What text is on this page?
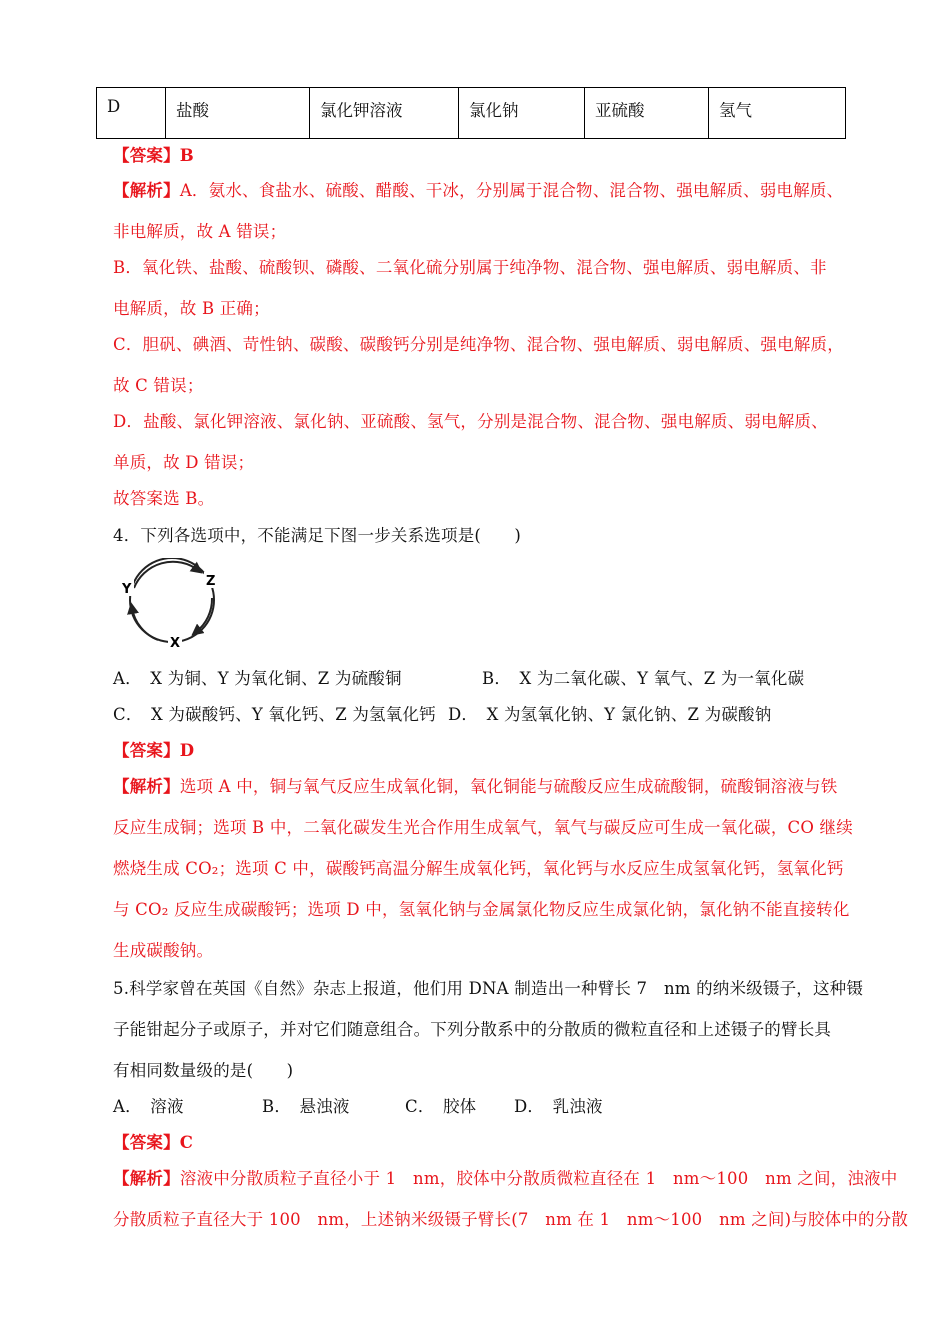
D	盐酸	氯化钾溶液	氯化钠	亚硫酸	氢气
【答案】B
【解析】A．氨水、食盐水、硫酸、醋酸、干冰，分别属于混合物、混合物、强电解质、弱电解质、
非电解质，故 A 错误；
B．氧化铁、盐酸、硫酸钡、磷酸、二氧化硫分别属于纯净物、混合物、强电解质、弱电解质、非
电解质，故 B 正确；
C．胆矾、碘酒、苛性钠、碳酸、碳酸钙分别是纯净物、混合物、强电解质、弱电解质、强电解质，
故 C 错误；
D．盐酸、氯化钾溶液、氯化钠、亚硫酸、氢气，分别是混合物、混合物、强电解质、弱电解质、
单质，故 D 错误；
故答案选 B。
4．下列各选项中，不能满足下图一步关系选项是(　　)
Y
Z
X
A．　X 为铜、Y 为氧化铜、Z 为硫酸铜	B．　X 为二氧化碳、Y 氧气、Z 为一氧化碳
C．　X 为碳酸钙、Y 氧化钙、Z 为氢氧化钙 D．　X 为氢氧化钠、Y 氯化钠、Z 为碳酸钠
【答案】D
【解析】选项 A 中，铜与氧气反应生成氧化铜，氧化铜能与硫酸反应生成硫酸铜，硫酸铜溶液与铁
反应生成铜；选项 B 中，二氧化碳发生光合作用生成氧气，氧气与碳反应可生成一氧化碳，CO 继续
燃烧生成 CO₂；选项 C 中，碳酸钙高温分解生成氧化钙，氧化钙与水反应生成氢氧化钙，氢氧化钙
与 CO₂ 反应生成碳酸钙；选项 D 中，氢氧化钠与金属氯化物反应生成氯化钠，氯化钠不能直接转化
生成碳酸钠。
5.科学家曾在英国《自然》杂志上报道，他们用 DNA 制造出一种臂长 7　nm 的纳米级镊子，这种镊
子能钳起分子或原子，并对它们随意组合。下列分散系中的分散质的微粒直径和上述镊子的臂长具
有相同数量级的是(　　)
A．　溶液	B．　悬浊液	C．　胶体 D．　乳浊液
【答案】C
【解析】溶液中分散质粒子直径小于 1　nm，胶体中分散质微粒直径在 1　nm～100　nm 之间，浊液中
分散质粒子直径大于 100　nm，上述钠米级镊子臂长(7　nm 在 1　nm～100　nm 之间)与胶体中的分散
